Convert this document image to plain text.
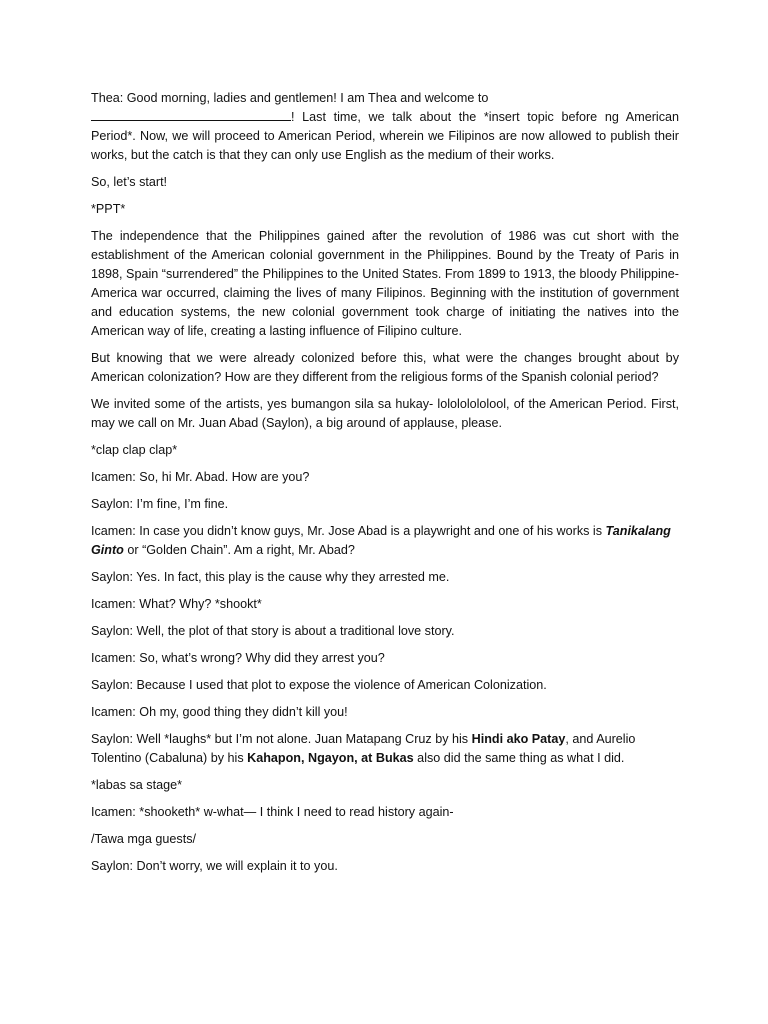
Thea: Good morning, ladies and gentlemen! I am Thea and welcome to
! Last time, we talk about the *insert topic before ng American Period*. Now, we will proceed to American Period, wherein we Filipinos are now allowed to publish their works, but the catch is that they can only use English as the medium of their works.

So, let’s start!

*PPT*

The independence that the Philippines gained after the revolution of 1986 was cut short with the establishment of the American colonial government in the Philippines. Bound by the Treaty of Paris in 1898, Spain “surrendered” the Philippines to the United States. From 1899 to 1913, the bloody Philippine-America war occurred, claiming the lives of many Filipinos. Beginning with the institution of government and education systems, the new colonial government took charge of initiating the natives into the American way of life, creating a lasting influence of Filipino culture.

But knowing that we were already colonized before this, what were the changes brought about by American colonization? How are they different from the religious forms of the Spanish colonial period?

We invited some of the artists, yes bumangon sila sa hukay- lolololololool, of the American Period. First, may we call on Mr. Juan Abad (Saylon), a big around of applause, please.

*clap clap clap*

Icamen: So, hi Mr. Abad. How are you?

Saylon: I’m fine, I’m fine.

Icamen: In case you didn’t know guys, Mr. Jose Abad is a playwright and one of his works is Tanikalang Ginto or “Golden Chain”. Am a right, Mr. Abad?

Saylon: Yes. In fact, this play is the cause why they arrested me.

Icamen: What? Why? *shookt*

Saylon: Well, the plot of that story is about a traditional love story.

Icamen: So, what’s wrong? Why did they arrest you?

Saylon: Because I used that plot to expose the violence of American Colonization.

Icamen: Oh my, good thing they didn’t kill you!

Saylon: Well *laughs* but I’m not alone. Juan Matapang Cruz by his Hindi ako Patay, and Aurelio Tolentino (Cabaluna) by his Kahapon, Ngayon, at Bukas also did the same thing as what I did.

*labas sa stage*

Icamen: *shooketh* w-what— I think I need to read history again-

/Tawa mga guests/

Saylon: Don’t worry, we will explain it to you.
